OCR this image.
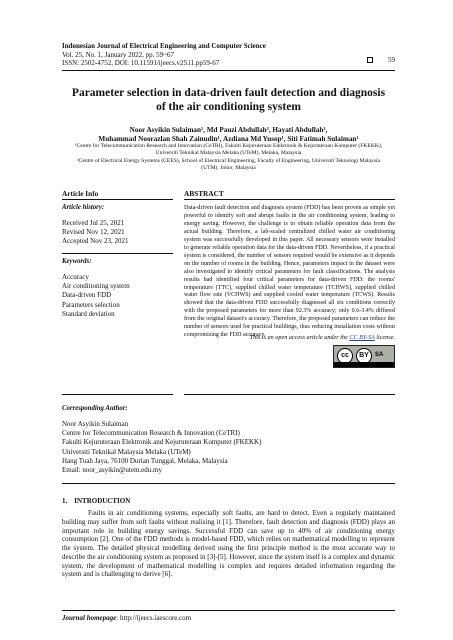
Indonesian Journal of Electrical Engineering and Computer Science
Vol. 25, No. 1, January 2022, pp. 59~67
ISSN: 2502-4752, DOI: 10.11591/ijeecs.v25.i1.pp59-67	59
Parameter selection in data-driven fault detection and diagnosis
of the air conditioning system
Noor Asyikin Sulaiman¹, Md Pauzi Abdullah², Hayati Abdullah²,
Muhammad Noorazlan Shah Zainudin¹, Azdiana Md Yusop¹, Siti Fatimah Sulaiman¹
¹Centre for Telecommunication Research and Innovation (CeTRI), Fakulti Kejuruteraan Elektronik & Kejuruteraan Komputer (FKEKK),
Universiti Teknikal Malaysia Melaka (UTeM), Melaka, Malaysia
²Centre of Electrical Energy Systems (CEES), School of Electrical Engineering, Faculty of Engineering, Universiti Teknologi Malaysia
(UTM), Johor, Malaysia
Article Info	ABSTRACT
Article history:
Received Jul 25, 2021
Revised Nov 12, 2021
Accepted Nov 23, 2021
Keywords:
Accuracy
Air conditioning system
Data-driven FDD
Parameters selection
Standard deviation
Data-driven fault detection and diagnosis system (FDD) has been proven as simple yet powerful to identify soft and abrupt faults in the air conditioning system, leading to energy saving. However, the challenge is to obtain reliable operation data from the actual building. Therefore, a lab-scaled centralized chilled water air conditioning system was successfully developed in this paper. All necessary sensors were installed to generate reliable operation data for the data-driven FDD. Nevertheless, if a practical system is considered, the number of sensors required would be extensive as it depends on the number of rooms in the building. Hence, parameters impact in the dataset were also investigated to identify critical parameters for fault classifications. The analysis results had identified four critical parameters for data-driven FDD: the rooms' temperature (TTC), supplied chilled water temperature (TCHWS), supplied chilled water flow rate (V̇CHWS) and supplied cooled water temperature (TCWS). Results showed that the data-driven FDD successfully diagnosed all six conditions correctly with the proposed parameters for more than 92.3% accuracy; only 0.6-3.4% differed from the original dataset's accuracy. Therefore, the proposed parameters can reduce the number of sensors used for practical buildings, thus reducing installation costs without compromising the FDD accuracy.
This is an open access article under the CC BY-SA license.
cc	BY	SA
Corresponding Author:
Noor Asyikin Sulaiman
Centre for Telecommunication Research & Innovation (CeTRI)
Fakulti Kejuruteraan Elektronik and Kejuruteraan Komputer (FKEKK)
Universiti Teknikal Malaysia Melaka (UTeM)
Hang Tuah Jaya, 76100 Durian Tunggal, Melaka, Malaysia
Email: noor_asyikin@utem.edu.my
1.    INTRODUCTION
Faults in air conditioning systems, especially soft faults, are hard to detect. Even a regularly maintained building may suffer from soft faults without realising it [1]. Therefore, fault detection and diagnosis (FDD) plays an important role in building energy savings. Successful FDD can save up to 40% of air conditioning energy consumption [2]. One of the FDD methods is model-based FDD, which relies on mathematical modelling to represent the system. The detailed physical modelling derived using the first principle method is the most accurate way to describe the air conditioning system as proposed in [3]-[5]. However, since the system itself is a complex and dynamic system, the development of mathematical modelling is complex and requires detailed information regarding the system and is challenging to derive [6].
Journal homepage: http://ijeecs.iaescore.com
